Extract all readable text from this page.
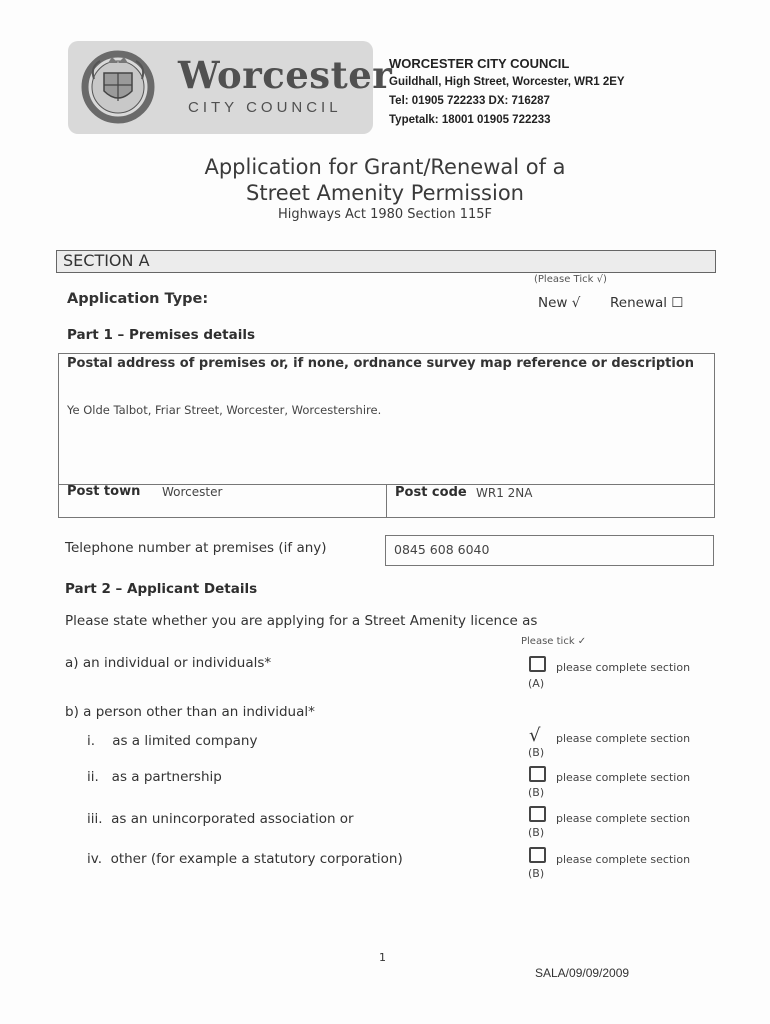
Worcester
CITY COUNCIL
WORCESTER CITY COUNCIL
Guildhall, High Street, Worcester, WR1 2EY
Tel: 01905 722233 DX: 716287
Typetalk: 18001 01905 722233
Application for Grant/Renewal of a
Street Amenity Permission
Highways Act 1980 Section 115F
SECTION A
(Please Tick √)
Application Type:	New √ Renewal ☐
Part 1 – Premises details
Postal address of premises or, if none, ordnance survey map reference or description
Ye Olde Talbot, Friar Street, Worcester, Worcestershire.
Post town Worcester	Post code WR1 2NA
Telephone number at premises (if any)	0845 608 6040
Part 2 – Applicant Details
Please state whether you are applying for a Street Amenity licence as
Please tick ✓
a) an individual or individuals*	please complete section
(A)
b) a person other than an individual*
i.    as a limited company	√ please complete section
(B)
ii.   as a partnership	please complete section
(B)
iii.  as an unincorporated association or	please complete section
(B)
iv.  other (for example a statutory corporation)	please complete section
(B)
1
SALA/09/09/2009
